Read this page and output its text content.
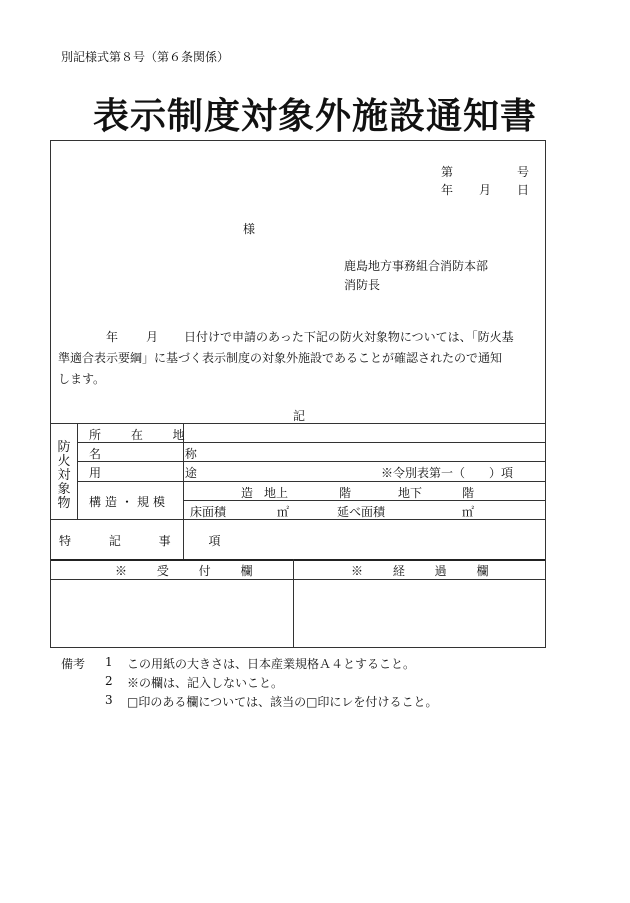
別記様式第８号（第６条関係）
表示制度対象外施設通知書
第	号
年 月 日
様
鹿島地方事務組合消防本部
消防長
年 月 日付けで申請のあった下記の防火対象物については、「防火基
準適合表示要綱」に基づく表示制度の対象外施設であることが確認されたので通知
します。
記
防火対象物
所 在 地
名 称
用 途	※令別表第一（　　）項
構造・規模
造 地上	階	地下	階
床面積	㎡	延べ面積	㎡
特 記 事 項
※ 受 付 欄	※ 経 過 欄
備考 1 この用紙の大きさは、日本産業規格Ａ４とすること。
2 ※の欄は、記入しないこと。
3 □印のある欄については、該当の□印にレを付けること。
